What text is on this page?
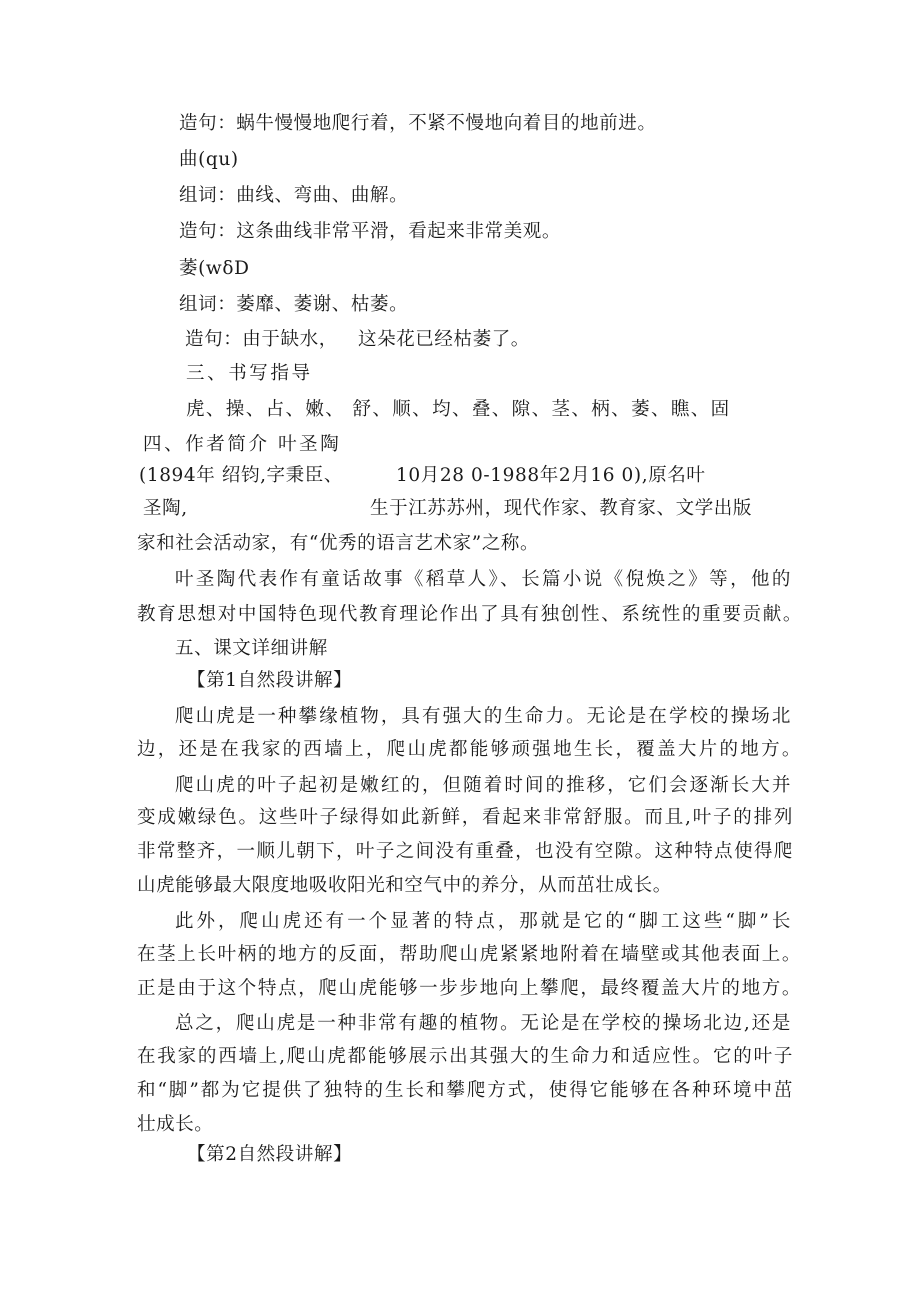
造句：蜗牛慢慢地爬行着，不紧不慢地向着目的地前进。
曲(qu)
组词：曲线、弯曲、曲解。
造句：这条曲线非常平滑，看起来非常美观。
萎(wδD
组词：萎靡、萎谢、枯萎。
造句：由于缺水， 这朵花已经枯萎了。
三、书写指导
虎、操、占、嫩、 舒、顺、均、叠、隙、茎、柄、萎、瞧、固
四、作者简介 叶圣陶
(1894年 绍钧,字秉臣、	10月28 0-1988年2月16 0),原名叶
圣陶,	生于江苏苏州，现代作家、教育家、文学出版
家和社会活动家，有“优秀的语言艺术家”之称。
叶圣陶代表作有童话故事《稻草人》、长篇小说《倪焕之》等，他的
教育思想对中国特色现代教育理论作出了具有独创性、系统性的重要贡献。
五、课文详细讲解
【第1自然段讲解】
爬山虎是一种攀缘植物，具有强大的生命力。无论是在学校的操场北
边，还是在我家的西墙上，爬山虎都能够顽强地生长，覆盖大片的地方。
爬山虎的叶子起初是嫩红的，但随着时间的推移，它们会逐渐长大并
变成嫩绿色。这些叶子绿得如此新鲜，看起来非常舒服。而且,叶子的排列
非常整齐，一顺儿朝下，叶子之间没有重叠，也没有空隙。这种特点使得爬
山虎能够最大限度地吸收阳光和空气中的养分，从而茁壮成长。
此外，爬山虎还有一个显著的特点，那就是它的“脚工这些“脚”长
在茎上长叶柄的地方的反面，帮助爬山虎紧紧地附着在墙壁或其他表面上。
正是由于这个特点，爬山虎能够一步步地向上攀爬，最终覆盖大片的地方。
总之，爬山虎是一种非常有趣的植物。无论是在学校的操场北边,还是
在我家的西墙上,爬山虎都能够展示出其强大的生命力和适应性。它的叶子
和“脚”都为它提供了独特的生长和攀爬方式，使得它能够在各种环境中茁
壮成长。
【第2自然段讲解】
